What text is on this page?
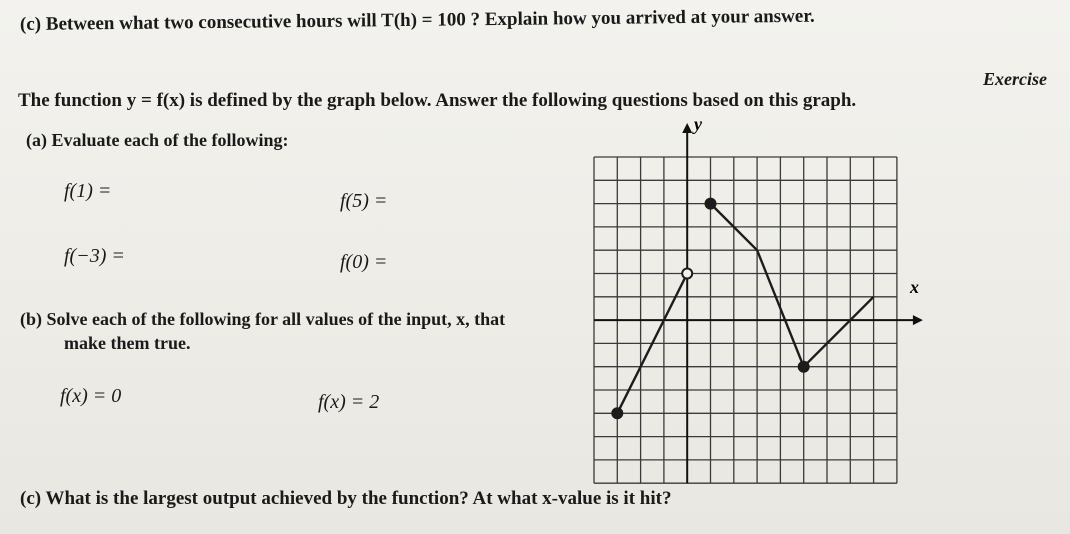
(c) Between what two consecutive hours will T(h) = 100 ? Explain how you arrived at your answer.
Exercise
The function y = f(x) is defined by the graph below. Answer the following questions based on this graph.
(a) Evaluate each of the following:
f(1) =	f(5) =
f(−3) =	f(0) =
(b) Solve each of the following for all values of the input, x, that
make them true.
f(x) = 0	f(x) = 2
(c) What is the largest output achieved by the function? At what x-value is it hit?
x
y
